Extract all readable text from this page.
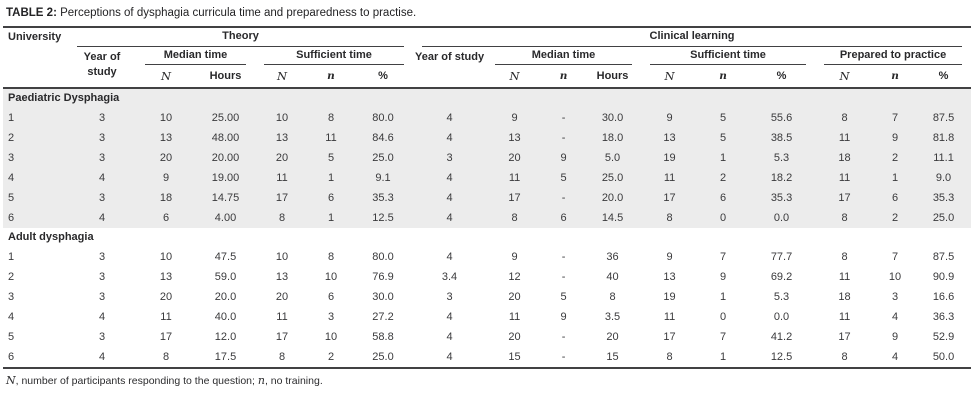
TABLE 2: Perceptions of dysphagia curricula time and preparedness to practise.
University	Theory						Clinical learning									

	Year of study	Median time		Sufficient time			Year of study	Median time			Sufficient time			Prepared to practice		

		N	Hours	N	n	%		N	n	Hours	N	n	%	N	n	%
Paediatric Dysphagia																
1	3	10	25.00	10	8	80.0	4	9	-	30.0	9	5	55.6	8	7	87.5
2	3	13	48.00	13	11	84.6	4	13	-	18.0	13	5	38.5	11	9	81.8
3	3	20	20.00	20	5	25.0	3	20	9	5.0	19	1	5.3	18	2	11.1
4	4	9	19.00	11	1	9.1	4	11	5	25.0	11	2	18.2	11	1	9.0
5	3	18	14.75	17	6	35.3	4	17	-	20.0	17	6	35.3	17	6	35.3
6	4	6	4.00	8	1	12.5	4	8	6	14.5	8	0	0.0	8	2	25.0
Adult dysphagia																
1	3	10	47.5	10	8	80.0	4	9	-	36	9	7	77.7	8	7	87.5
2	3	13	59.0	13	10	76.9	3.4	12	-	40	13	9	69.2	11	10	90.9
3	3	20	20.0	20	6	30.0	3	20	5	8	19	1	5.3	18	3	16.6
4	4	11	40.0	11	3	27.2	4	11	9	3.5	11	0	0.0	11	4	36.3
5	3	17	12.0	17	10	58.8	4	20	-	20	17	7	41.2	17	9	52.9
6	4	8	17.5	8	2	25.0	4	15	-	15	8	1	12.5	8	4	50.0
N, number of participants responding to the question; n, no training.
